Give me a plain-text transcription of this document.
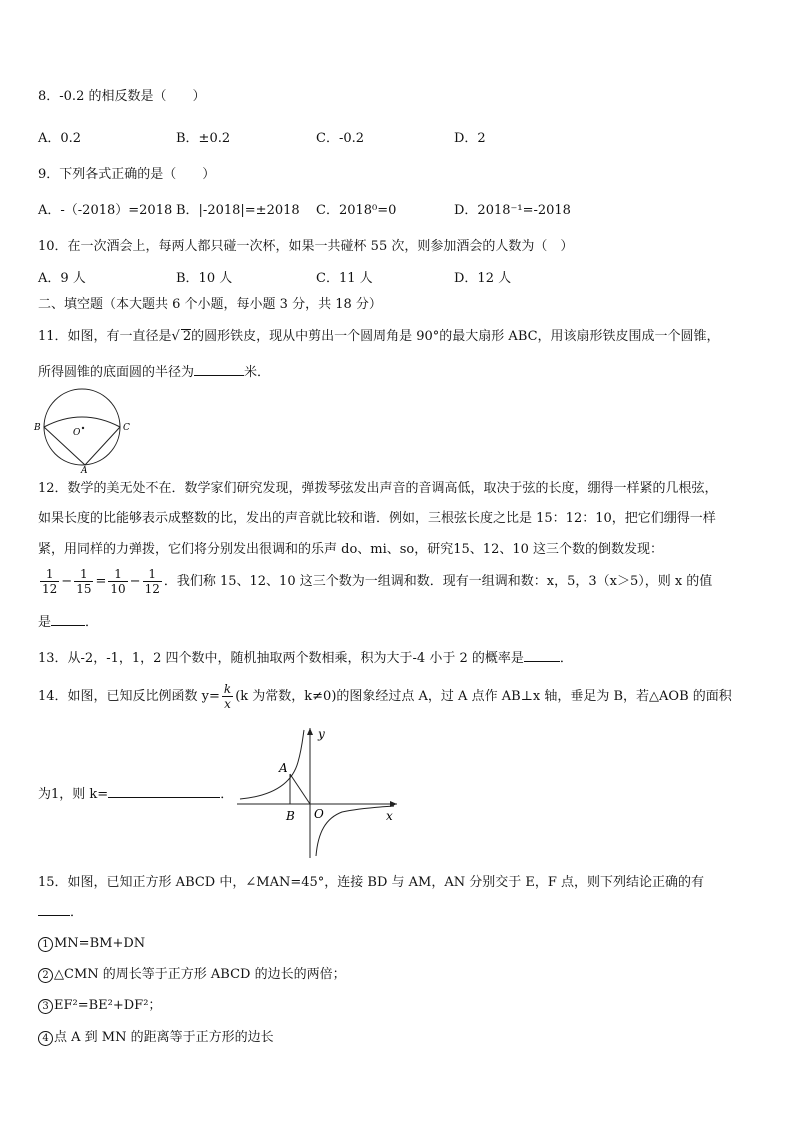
8．-0.2 的相反数是（　　）
A．0.2	B．±0.2	C．-0.2	D．2
9．下列各式正确的是（　　）
A．-（-2018）=2018 B．|-2018|=±2018 C．2018⁰=0	D．2018⁻¹=-2018
10．在一次酒会上，每两人都只碰一次杯，如果一共碰杯 55 次，则参加酒会的人数为（　）
A．9 人	B．10 人	C．11 人	D．12 人
二、填空题（本大题共 6 个小题，每小题 3 分，共 18 分）
11．如图，有一直径是√ 2的圆形铁皮，现从中剪出一个圆周角是 90°的最大扇形 ABC，用该扇形铁皮围成一个圆锥，
所得圆锥的底面圆的半径为	米．
B	C
A
O
12．数学的美无处不在．数学家们研究发现，弹拨琴弦发出声音的音调高低，取决于弦的长度，绷得一样紧的几根弦，
如果长度的比能够表示成整数的比，发出的声音就比较和谐．例如，三根弦长度之比是 15：12：10，把它们绷得一样
紧，用同样的力弹拨，它们将分别发出很调和的乐声 do、mi、so，研究15、12、10 这三个数的倒数发现：
$\frac{1}{12} - \frac{1}{15} = \frac{1}{10} - \frac{1}{12}$ ．我们称 15、12、10 这三个数为一组调和数．现有一组调和数：x，5，3（x＞5），则 x 的值
是	．
13．从-2，-1，1，2 四个数中，随机抽取两个数相乘，积为大于-4 小于 2 的概率是	．
14．如图，已知反比例函数 $y= \frac{k}{x} (k$ 为常数，k≠0)的图象经过点 A，过 A 点作 AB⊥x 轴，垂足为 B，若△AOB 的面积
为1，则 k=	．
y
x
A
B O
15．如图，已知正方形 ABCD 中，∠MAN=45°，连接 BD 与 AM，AN 分别交于 E，F 点，则下列结论正确的有
．
1 MN=BM+DN
2 △CMN 的周长等于正方形 ABCD 的边长的两倍；
3 EF²=BE²+DF²；
4 点 A 到 MN 的距离等于正方形的边长
